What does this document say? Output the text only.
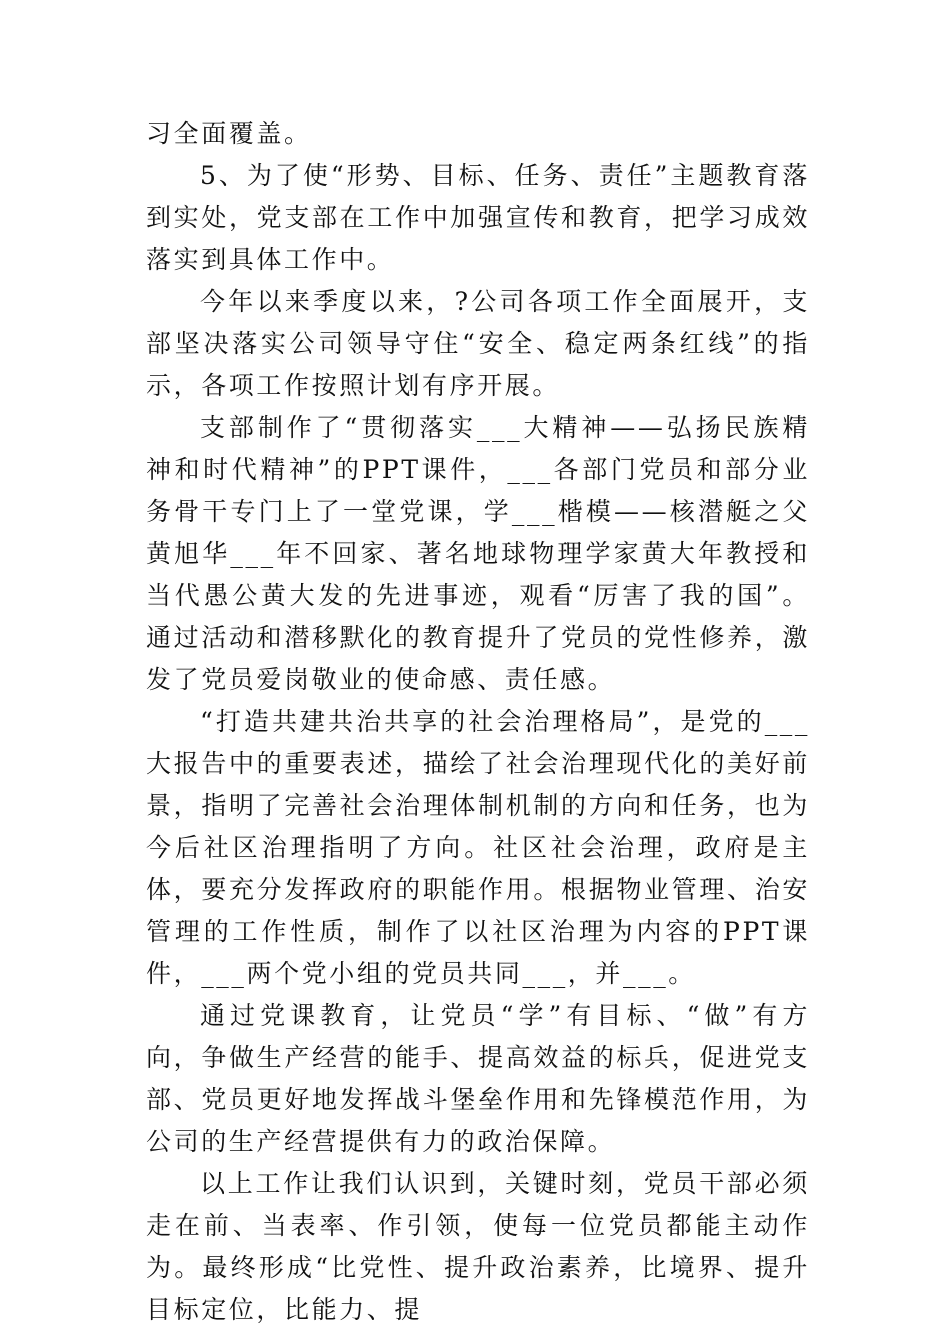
习全面覆盖。

5、为了使“形势、目标、任务、责任”主题教育落到实处，党支部在工作中加强宣传和教育，把学习成效落实到具体工作中。

今年以来季度以来，?公司各项工作全面展开，支部坚决落实公司领导守住“安全、稳定两条红线”的指示，各项工作按照计划有序开展。

支部制作了“贯彻落实___大精神——弘扬民族精神和时代精神”的PPT课件，___各部门党员和部分业务骨干专门上了一堂党课，学___楷模——核潜艇之父黄旭华___年不回家、著名地球物理学家黄大年教授和当代愚公黄大发的先进事迹，观看“厉害了我的国”。通过活动和潜移默化的教育提升了党员的党性修养，激发了党员爱岗敬业的使命感、责任感。

“打造共建共治共享的社会治理格局”，是党的___大报告中的重要表述，描绘了社会治理现代化的美好前景，指明了完善社会治理体制机制的方向和任务，也为今后社区治理指明了方向。社区社会治理，政府是主体，要充分发挥政府的职能作用。根据物业管理、治安管理的工作性质，制作了以社区治理为内容的PPT课件，___两个党小组的党员共同___，并___。

通过党课教育，让党员“学”有目标、“做”有方向，争做生产经营的能手、提高效益的标兵，促进党支部、党员更好地发挥战斗堡垒作用和先锋模范作用，为公司的生产经营提供有力的政治保障。

以上工作让我们认识到，关键时刻，党员干部必须走在前、当表率、作引领，使每一位党员都能主动作为。最终形成“比党性、提升政治素养，比境界、提升目标定位，比能力、提
